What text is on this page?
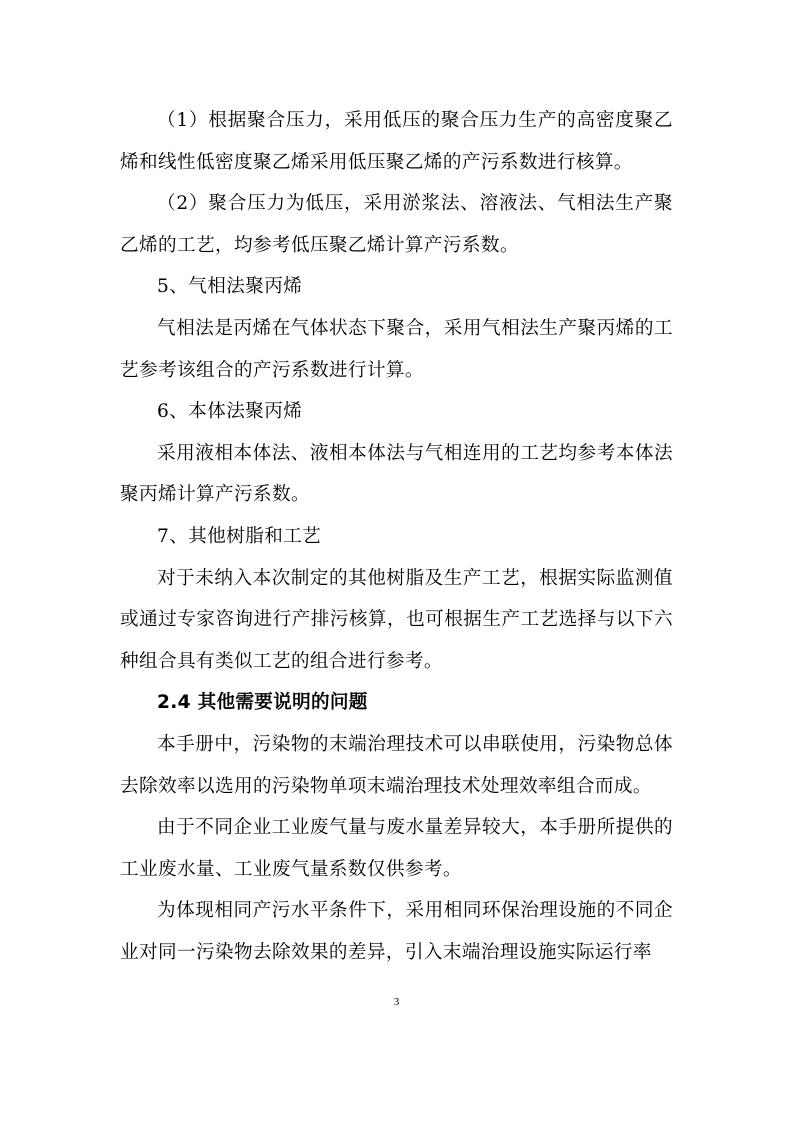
（1）根据聚合压力，采用低压的聚合压力生产的高密度聚乙烯和线性低密度聚乙烯采用低压聚乙烯的产污系数进行核算。

（2）聚合压力为低压，采用淤浆法、溶液法、气相法生产聚乙烯的工艺，均参考低压聚乙烯计算产污系数。

5、气相法聚丙烯

气相法是丙烯在气体状态下聚合，采用气相法生产聚丙烯的工艺参考该组合的产污系数进行计算。

6、本体法聚丙烯

采用液相本体法、液相本体法与气相连用的工艺均参考本体法聚丙烯计算产污系数。

7、其他树脂和工艺

对于未纳入本次制定的其他树脂及生产工艺，根据实际监测值或通过专家咨询进行产排污核算，也可根据生产工艺选择与以下六种组合具有类似工艺的组合进行参考。

2.4 其他需要说明的问题

本手册中，污染物的末端治理技术可以串联使用，污染物总体去除效率以选用的污染物单项末端治理技术处理效率组合而成。

由于不同企业工业废气量与废水量差异较大，本手册所提供的工业废水量、工业废气量系数仅供参考。

为体现相同产污水平条件下，采用相同环保治理设施的不同企业对同一污染物去除效果的差异，引入末端治理设施实际运行率

3
